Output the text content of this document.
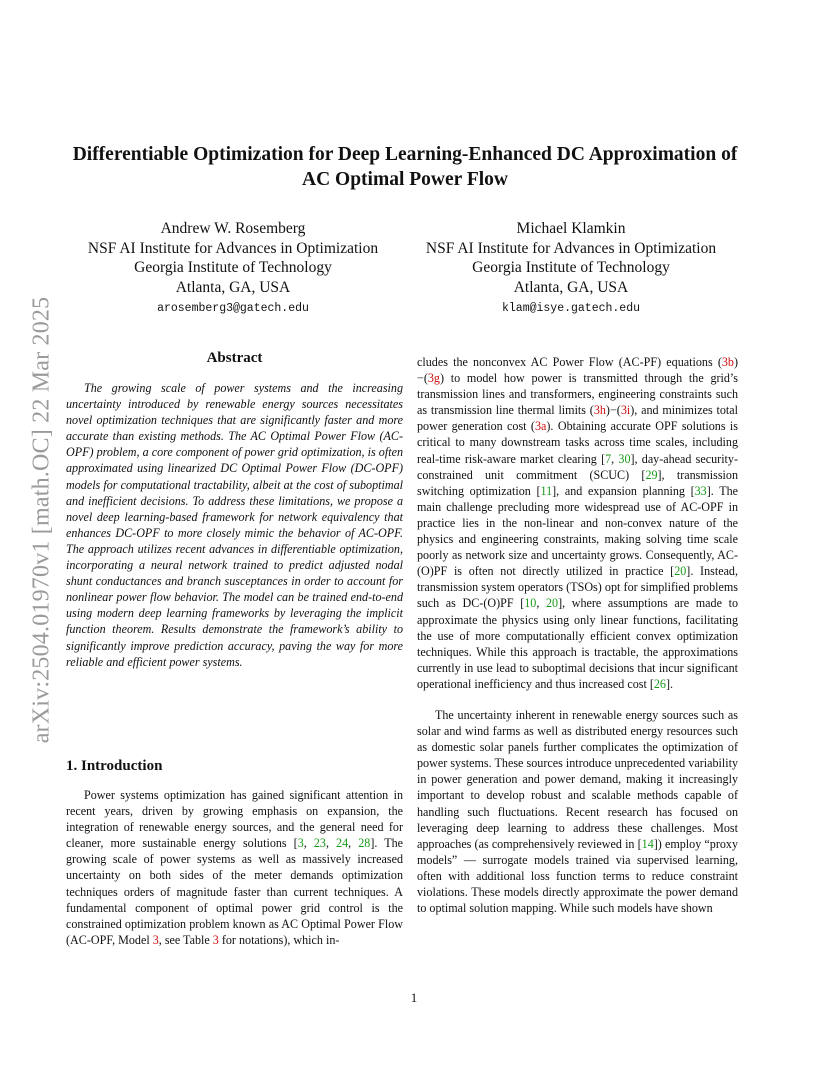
arXiv:2504.01970v1 [math.OC] 22 Mar 2025
Differentiable Optimization for Deep Learning-Enhanced DC Approximation of
AC Optimal Power Flow
Andrew W. Rosemberg
NSF AI Institute for Advances in Optimization
Georgia Institute of Technology
Atlanta, GA, USA
arosemberg3@gatech.edu
Michael Klamkin
NSF AI Institute for Advances in Optimization
Georgia Institute of Technology
Atlanta, GA, USA
klam@isye.gatech.edu
Abstract

The growing scale of power systems and the increasing uncertainty introduced by renewable energy sources necessitates novel optimization techniques that are significantly faster and more accurate than existing methods. The AC Optimal Power Flow (AC-OPF) problem, a core component of power grid optimization, is often approximated using linearized DC Optimal Power Flow (DC-OPF) models for computational tractability, albeit at the cost of suboptimal and inefficient decisions. To address these limitations, we propose a novel deep learning-based framework for network equivalency that enhances DC-OPF to more closely mimic the behavior of AC-OPF. The approach utilizes recent advances in differentiable optimization, incorporating a neural network trained to predict adjusted nodal shunt conductances and branch susceptances in order to account for nonlinear power flow behavior. The model can be trained end-to-end using modern deep learning frameworks by leveraging the implicit function theorem. Results demonstrate the framework’s ability to significantly improve prediction accuracy, paving the way for more reliable and efficient power systems.

1. Introduction

Power systems optimization has gained significant attention in recent years, driven by growing emphasis on expansion, the integration of renewable energy sources, and the general need for cleaner, more sustainable energy solutions [3, 23, 24, 28]. The growing scale of power systems as well as massively increased uncertainty on both sides of the meter demands optimization techniques orders of magnitude faster than current techniques. A fundamental component of optimal power grid control is the constrained optimization problem known as AC Optimal Power Flow (AC-OPF, Model 3, see Table 3 for notations), which in-

cludes the nonconvex AC Power Flow (AC-PF) equations (3b)−(3g) to model how power is transmitted through the grid’s transmission lines and transformers, engineering constraints such as transmission line thermal limits (3h)−(3i), and minimizes total power generation cost (3a). Obtaining accurate OPF solutions is critical to many downstream tasks across time scales, including real-time risk-aware market clearing [7, 30], day-ahead security-constrained unit commitment (SCUC) [29], transmission switching optimization [11], and expansion planning [33]. The main challenge precluding more widespread use of AC-OPF in practice lies in the non-linear and non-convex nature of the physics and engineering constraints, making solving time scale poorly as network size and uncertainty grows. Consequently, AC-(O)PF is often not directly utilized in practice [20]. Instead, transmission system operators (TSOs) opt for simplified problems such as DC-(O)PF [10, 20], where assumptions are made to approximate the physics using only linear functions, facilitating the use of more computationally efficient convex optimization techniques. While this approach is tractable, the approximations currently in use lead to suboptimal decisions that incur significant operational inefficiency and thus increased cost [26].

The uncertainty inherent in renewable energy sources such as solar and wind farms as well as distributed energy resources such as domestic solar panels further complicates the optimization of power systems. These sources introduce unprecedented variability in power generation and power demand, making it increasingly important to develop robust and scalable methods capable of handling such fluctuations. Recent research has focused on leveraging deep learning to address these challenges. Most approaches (as comprehensively reviewed in [14]) employ “proxy models” — surrogate models trained via supervised learning, often with additional loss function terms to reduce constraint violations. These models directly approximate the power demand to optimal solution mapping. While such models have shown

1
